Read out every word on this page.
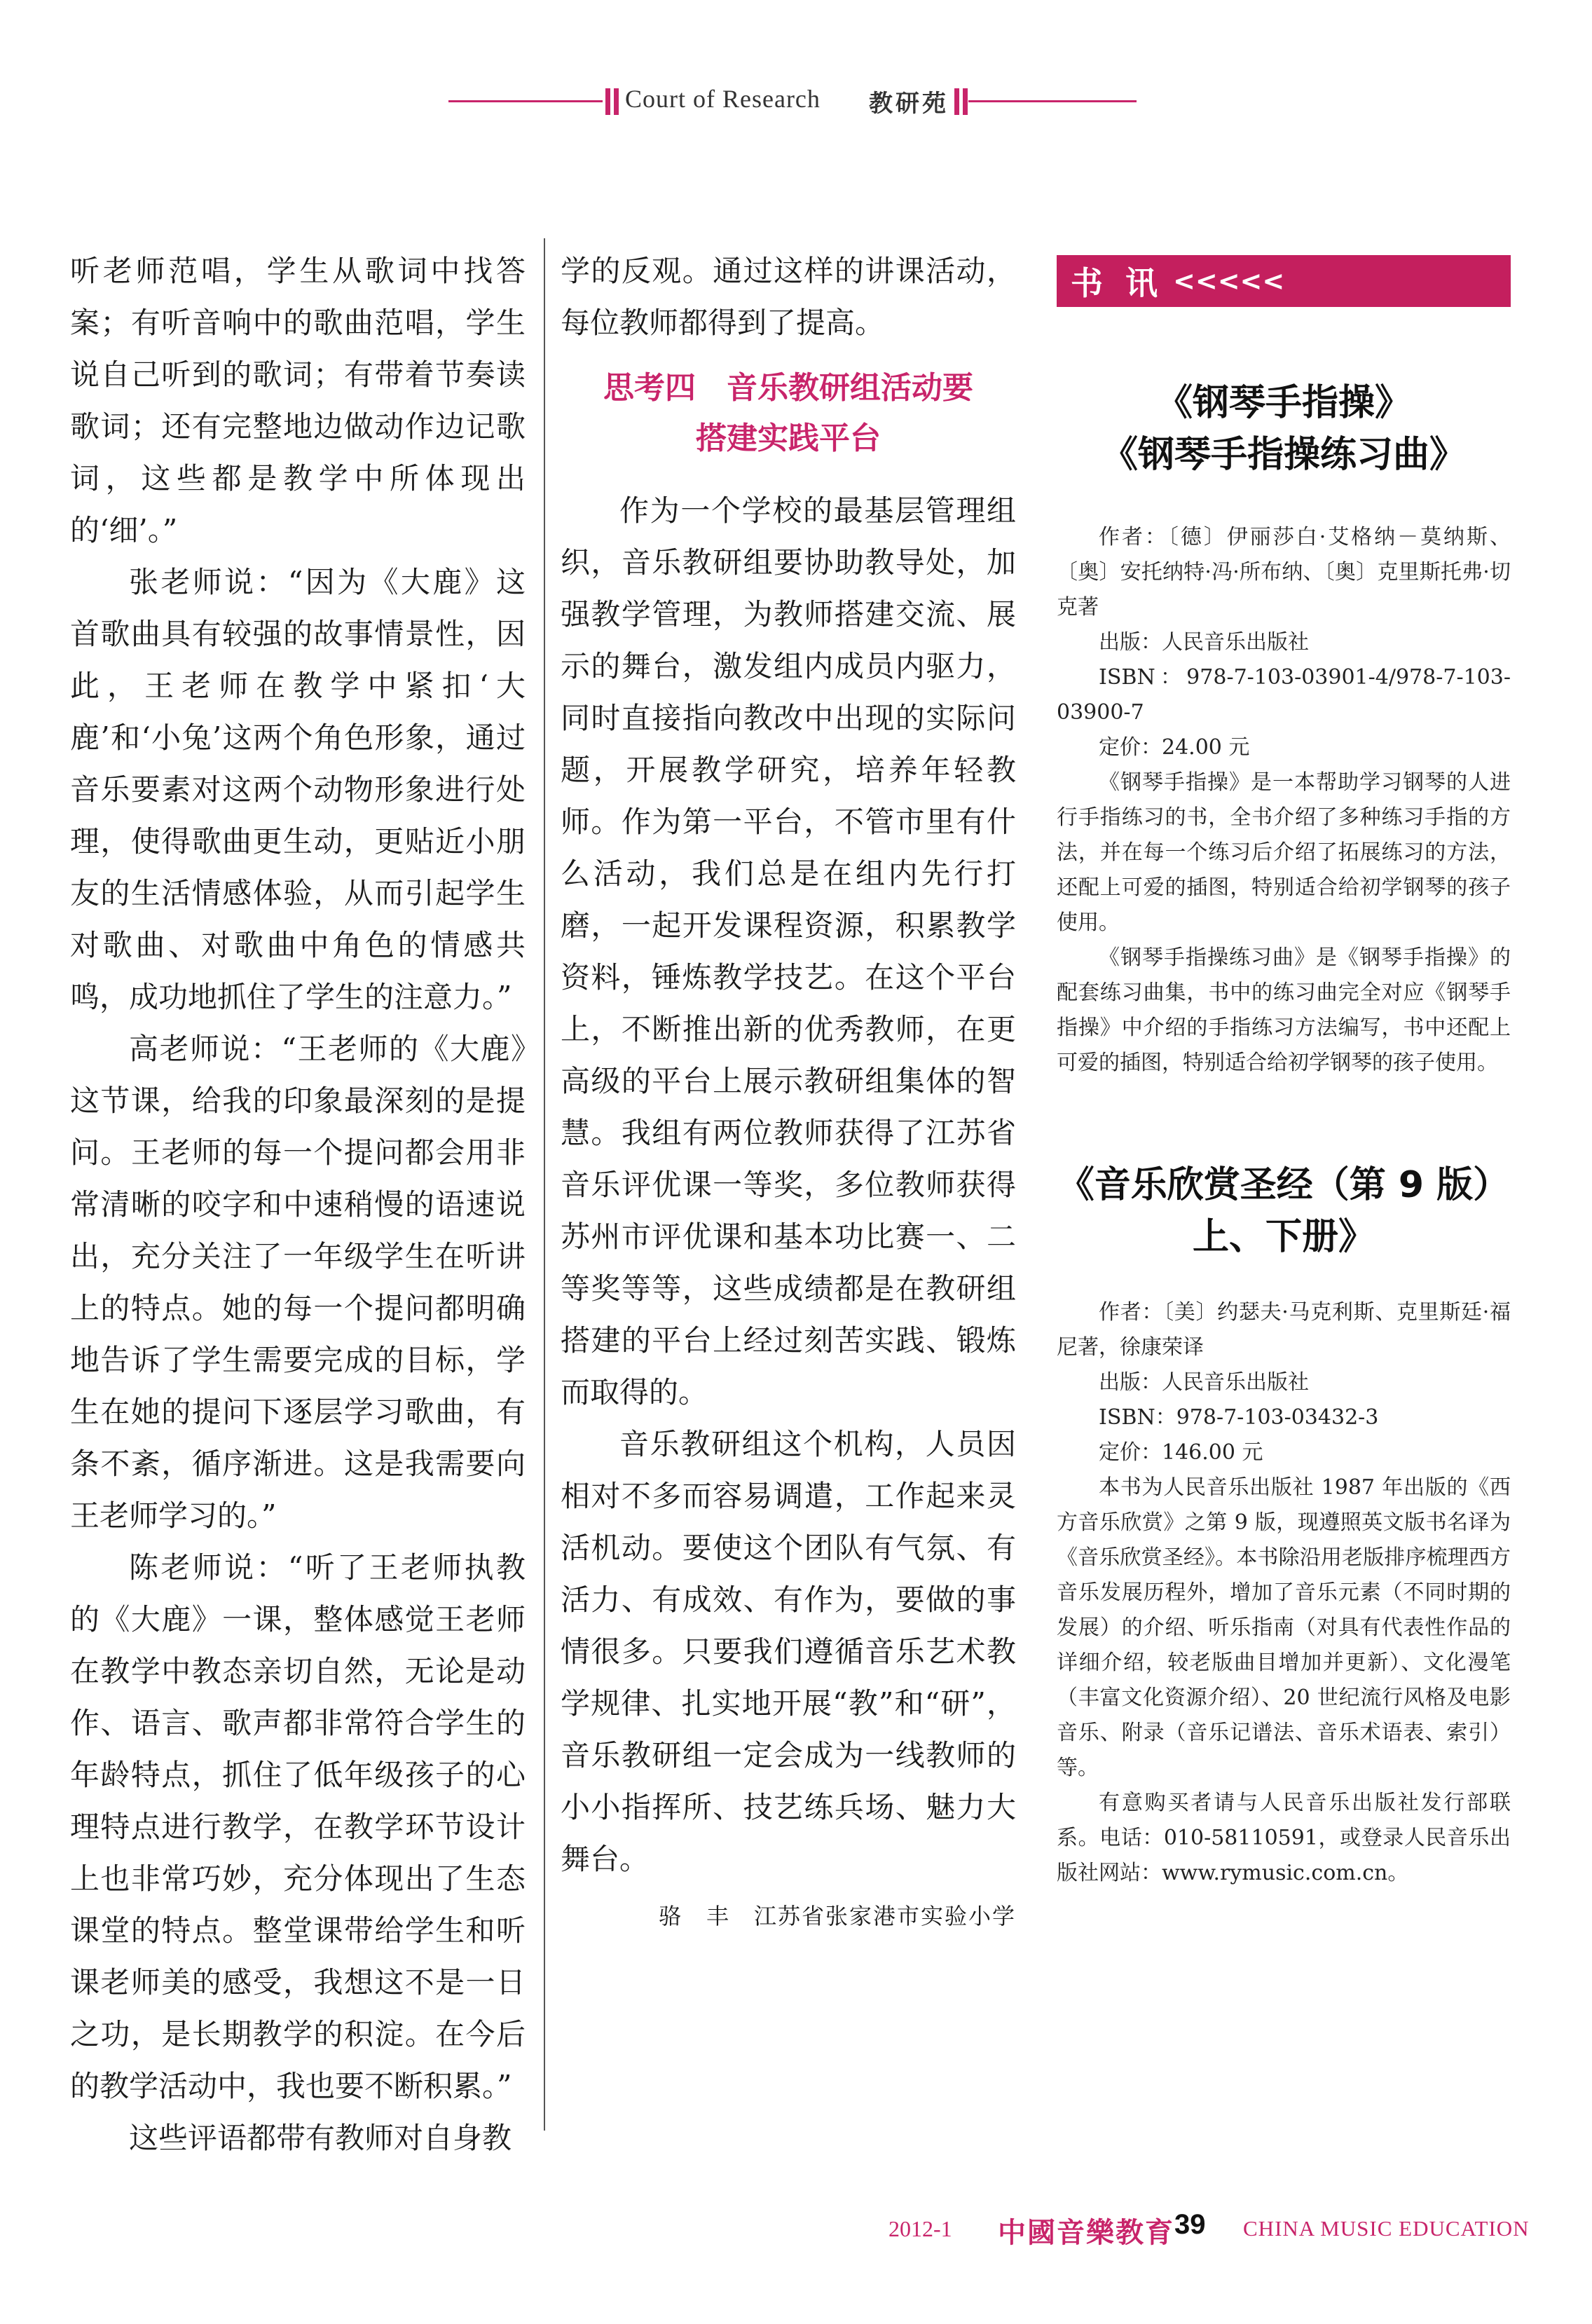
Court of Research 教研苑

听老师范唱，学生从歌词中找答案；有听音响中的歌曲范唱，学生说自己听到的歌词；有带着节奏读歌词；还有完整地边做动作边记歌词，这些都是教学中所体现出的‘细’。”

张老师说：“因为《大鹿》这首歌曲具有较强的故事情景性，因此，王老师在教学中紧扣‘大鹿’和‘小兔’这两个角色形象，通过音乐要素对这两个动物形象进行处理，使得歌曲更生动，更贴近小朋友的生活情感体验，从而引起学生对歌曲、对歌曲中角色的情感共鸣，成功地抓住了学生的注意力。”

高老师说：“王老师的《大鹿》这节课，给我的印象最深刻的是提问。王老师的每一个提问都会用非常清晰的咬字和中速稍慢的语速说出，充分关注了一年级学生在听讲上的特点。她的每一个提问都明确地告诉了学生需要完成的目标，学生在她的提问下逐层学习歌曲，有条不紊，循序渐进。这是我需要向王老师学习的。”

陈老师说：“听了王老师执教的《大鹿》一课，整体感觉王老师在教学中教态亲切自然，无论是动作、语言、歌声都非常符合学生的年龄特点，抓住了低年级孩子的心理特点进行教学，在教学环节设计上也非常巧妙，充分体现出了生态课堂的特点。整堂课带给学生和听课老师美的感受，我想这不是一日之功，是长期教学的积淀。在今后的教学活动中，我也要不断积累。”

这些评语都带有教师对自身教

学的反观。通过这样的讲课活动，每位教师都得到了提高。

思考四　音乐教研组活动要
搭建实践平台

作为一个学校的最基层管理组织，音乐教研组要协助教导处，加强教学管理，为教师搭建交流、展示的舞台，激发组内成员内驱力，同时直接指向教改中出现的实际问题，开展教学研究，培养年轻教师。作为第一平台，不管市里有什么活动，我们总是在组内先行打磨，一起开发课程资源，积累教学资料，锤炼教学技艺。在这个平台上，不断推出新的优秀教师，在更高级的平台上展示教研组集体的智慧。我组有两位教师获得了江苏省音乐评优课一等奖，多位教师获得苏州市评优课和基本功比赛一、二等奖等等，这些成绩都是在教研组搭建的平台上经过刻苦实践、锻炼而取得的。

音乐教研组这个机构，人员因相对不多而容易调遣，工作起来灵活机动。要使这个团队有气氛、有活力、有成效、有作为，要做的事情很多。只要我们遵循音乐艺术教学规律、扎实地开展“教”和“研”，音乐教研组一定会成为一线教师的小小指挥所、技艺练兵场、魅力大舞台。

骆　丰　江苏省张家港市实验小学

书 讯 <<<<<
《钢琴手指操》
《钢琴手指操练习曲》

作者：〔德〕伊丽莎白·艾格纳－莫纳斯、〔奥〕安托纳特·冯·所布纳、〔奥〕克里斯托弗·切克著

出版：人民音乐出版社

ISBN：978-7-103-03901-4/978-7-103-03900-7

定价：24.00 元

《钢琴手指操》是一本帮助学习钢琴的人进行手指练习的书，全书介绍了多种练习手指的方法，并在每一个练习后介绍了拓展练习的方法，还配上可爱的插图，特别适合给初学钢琴的孩子使用。

《钢琴手指操练习曲》是《钢琴手指操》的配套练习曲集，书中的练习曲完全对应《钢琴手指操》中介绍的手指练习方法编写，书中还配上可爱的插图，特别适合给初学钢琴的孩子使用。

《音乐欣赏圣经（第 9 版）
上、下册》

作者：〔美〕约瑟夫·马克利斯、克里斯廷·福尼著，徐康荣译

出版：人民音乐出版社

ISBN：978-7-103-03432-3

定价：146.00 元

本书为人民音乐出版社 1987 年出版的《西方音乐欣赏》之第 9 版，现遵照英文版书名译为《音乐欣赏圣经》。本书除沿用老版排序梳理西方音乐发展历程外，增加了音乐元素（不同时期的发展）的介绍、听乐指南（对具有代表性作品的详细介绍，较老版曲目增加并更新）、文化漫笔（丰富文化资源介绍）、20 世纪流行风格及电影音乐、附录（音乐记谱法、音乐术语表、索引）等。

有意购买者请与人民音乐出版社发行部联系。电话：010-58110591，或登录人民音乐出版社网站：www.rymusic.com.cn。

2012-1 中國音樂教育 39 CHINA MUSIC EDUCATION
